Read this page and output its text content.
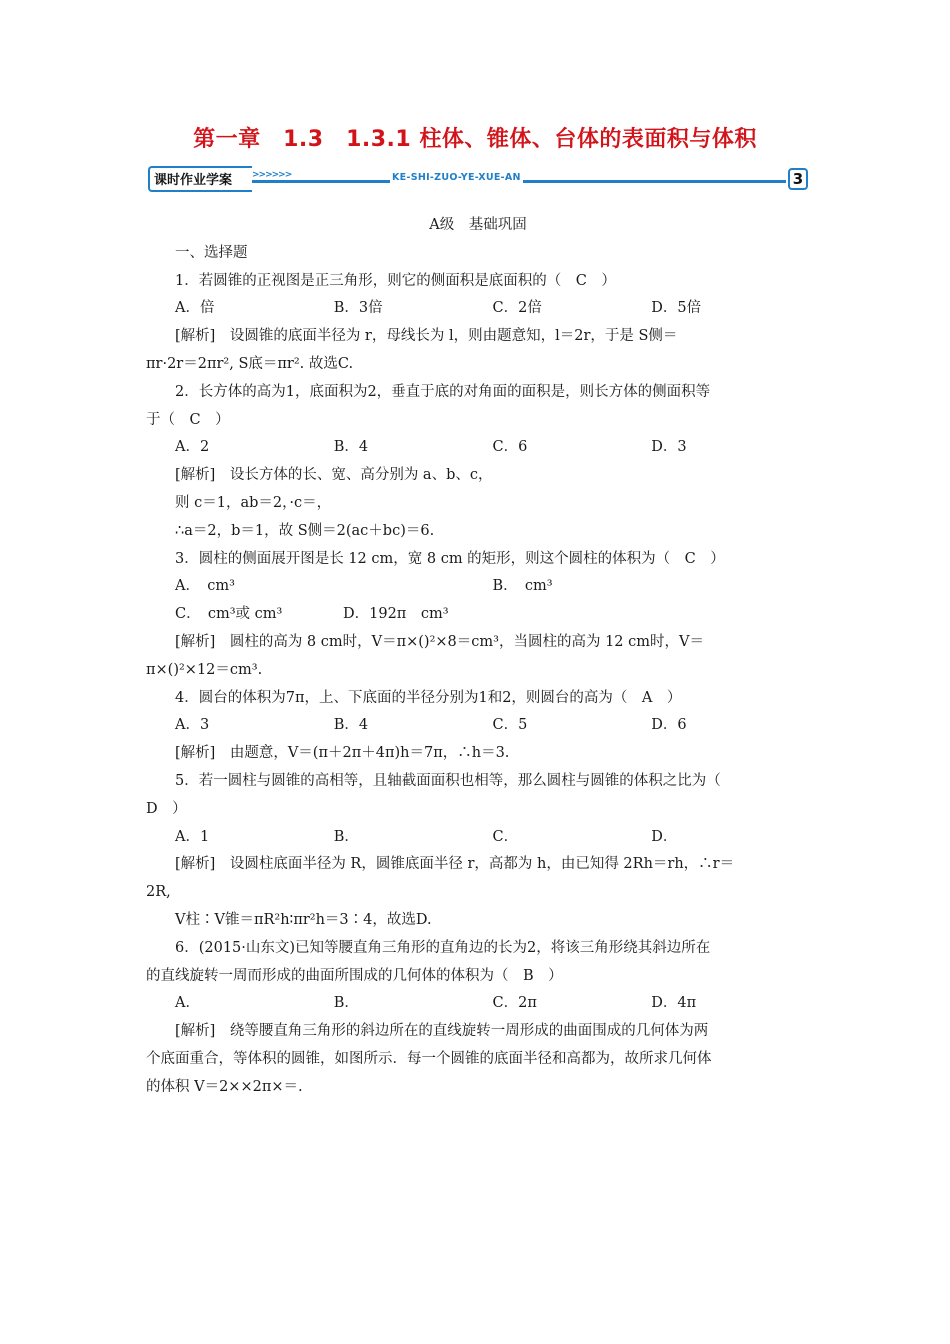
第一章　1.3　1.3.1 柱体、锥体、台体的表面积与体积
课时作业学案	>>>>>>	KE-SHI-ZUO-YE-XUE-AN	3
A级　基础巩固
一、选择题
1．若圆锥的正视图是正三角形，则它的侧面积是底面积的（　C　）
A．倍	B．3倍	C．2倍	D．5倍
[解析]　设圆锥的底面半径为 r，母线长为 l，则由题意知，l＝2r，于是 S侧＝
πr·2r＝2πr², S底＝πr². 故选C.
2．长方体的高为1，底面积为2，垂直于底的对角面的面积是，则长方体的侧面积等
于（　C　）
A．2	B．4	C．6	D．3
[解析]　设长方体的长、宽、高分别为 a、b、c，
则 c＝1，ab＝2，·c＝，
∴a＝2，b＝1，故 S侧＝2(ac＋bc)＝6.
3．圆柱的侧面展开图是长 12 cm，宽 8 cm 的矩形，则这个圆柱的体积为（　C　）
A．　cm³	B．　cm³
C．　cm³或 cm³	D．192π　cm³
[解析]　圆柱的高为 8 cm时，V＝π×()²×8＝cm³，当圆柱的高为 12 cm时，V＝
π×()²×12＝cm³.
4．圆台的体积为7π，上、下底面的半径分别为1和2，则圆台的高为（　A　）
A．3	B．4	C．5	D．6
[解析]　由题意，V＝(π＋2π＋4π)h＝7π，∴h＝3.
5．若一圆柱与圆锥的高相等，且轴截面面积也相等，那么圆柱与圆锥的体积之比为（
D　）
A．1	B．	C．	D．
[解析]　设圆柱底面半径为 R，圆锥底面半径 r，高都为 h，由已知得 2Rh＝rh，∴r＝
2R,
V柱∶V锥＝πR²h∶πr²h＝3∶4，故选D.
6．(2015·山东文)已知等腰直角三角形的直角边的长为2，将该三角形绕其斜边所在
的直线旋转一周而形成的曲面所围成的几何体的体积为（　B　）
A．	B．	C．2π	D．4π
[解析]　绕等腰直角三角形的斜边所在的直线旋转一周形成的曲面围成的几何体为两
个底面重合，等体积的圆锥，如图所示．每一个圆锥的底面半径和高都为，故所求几何体
的体积 V＝2××2π×＝.
